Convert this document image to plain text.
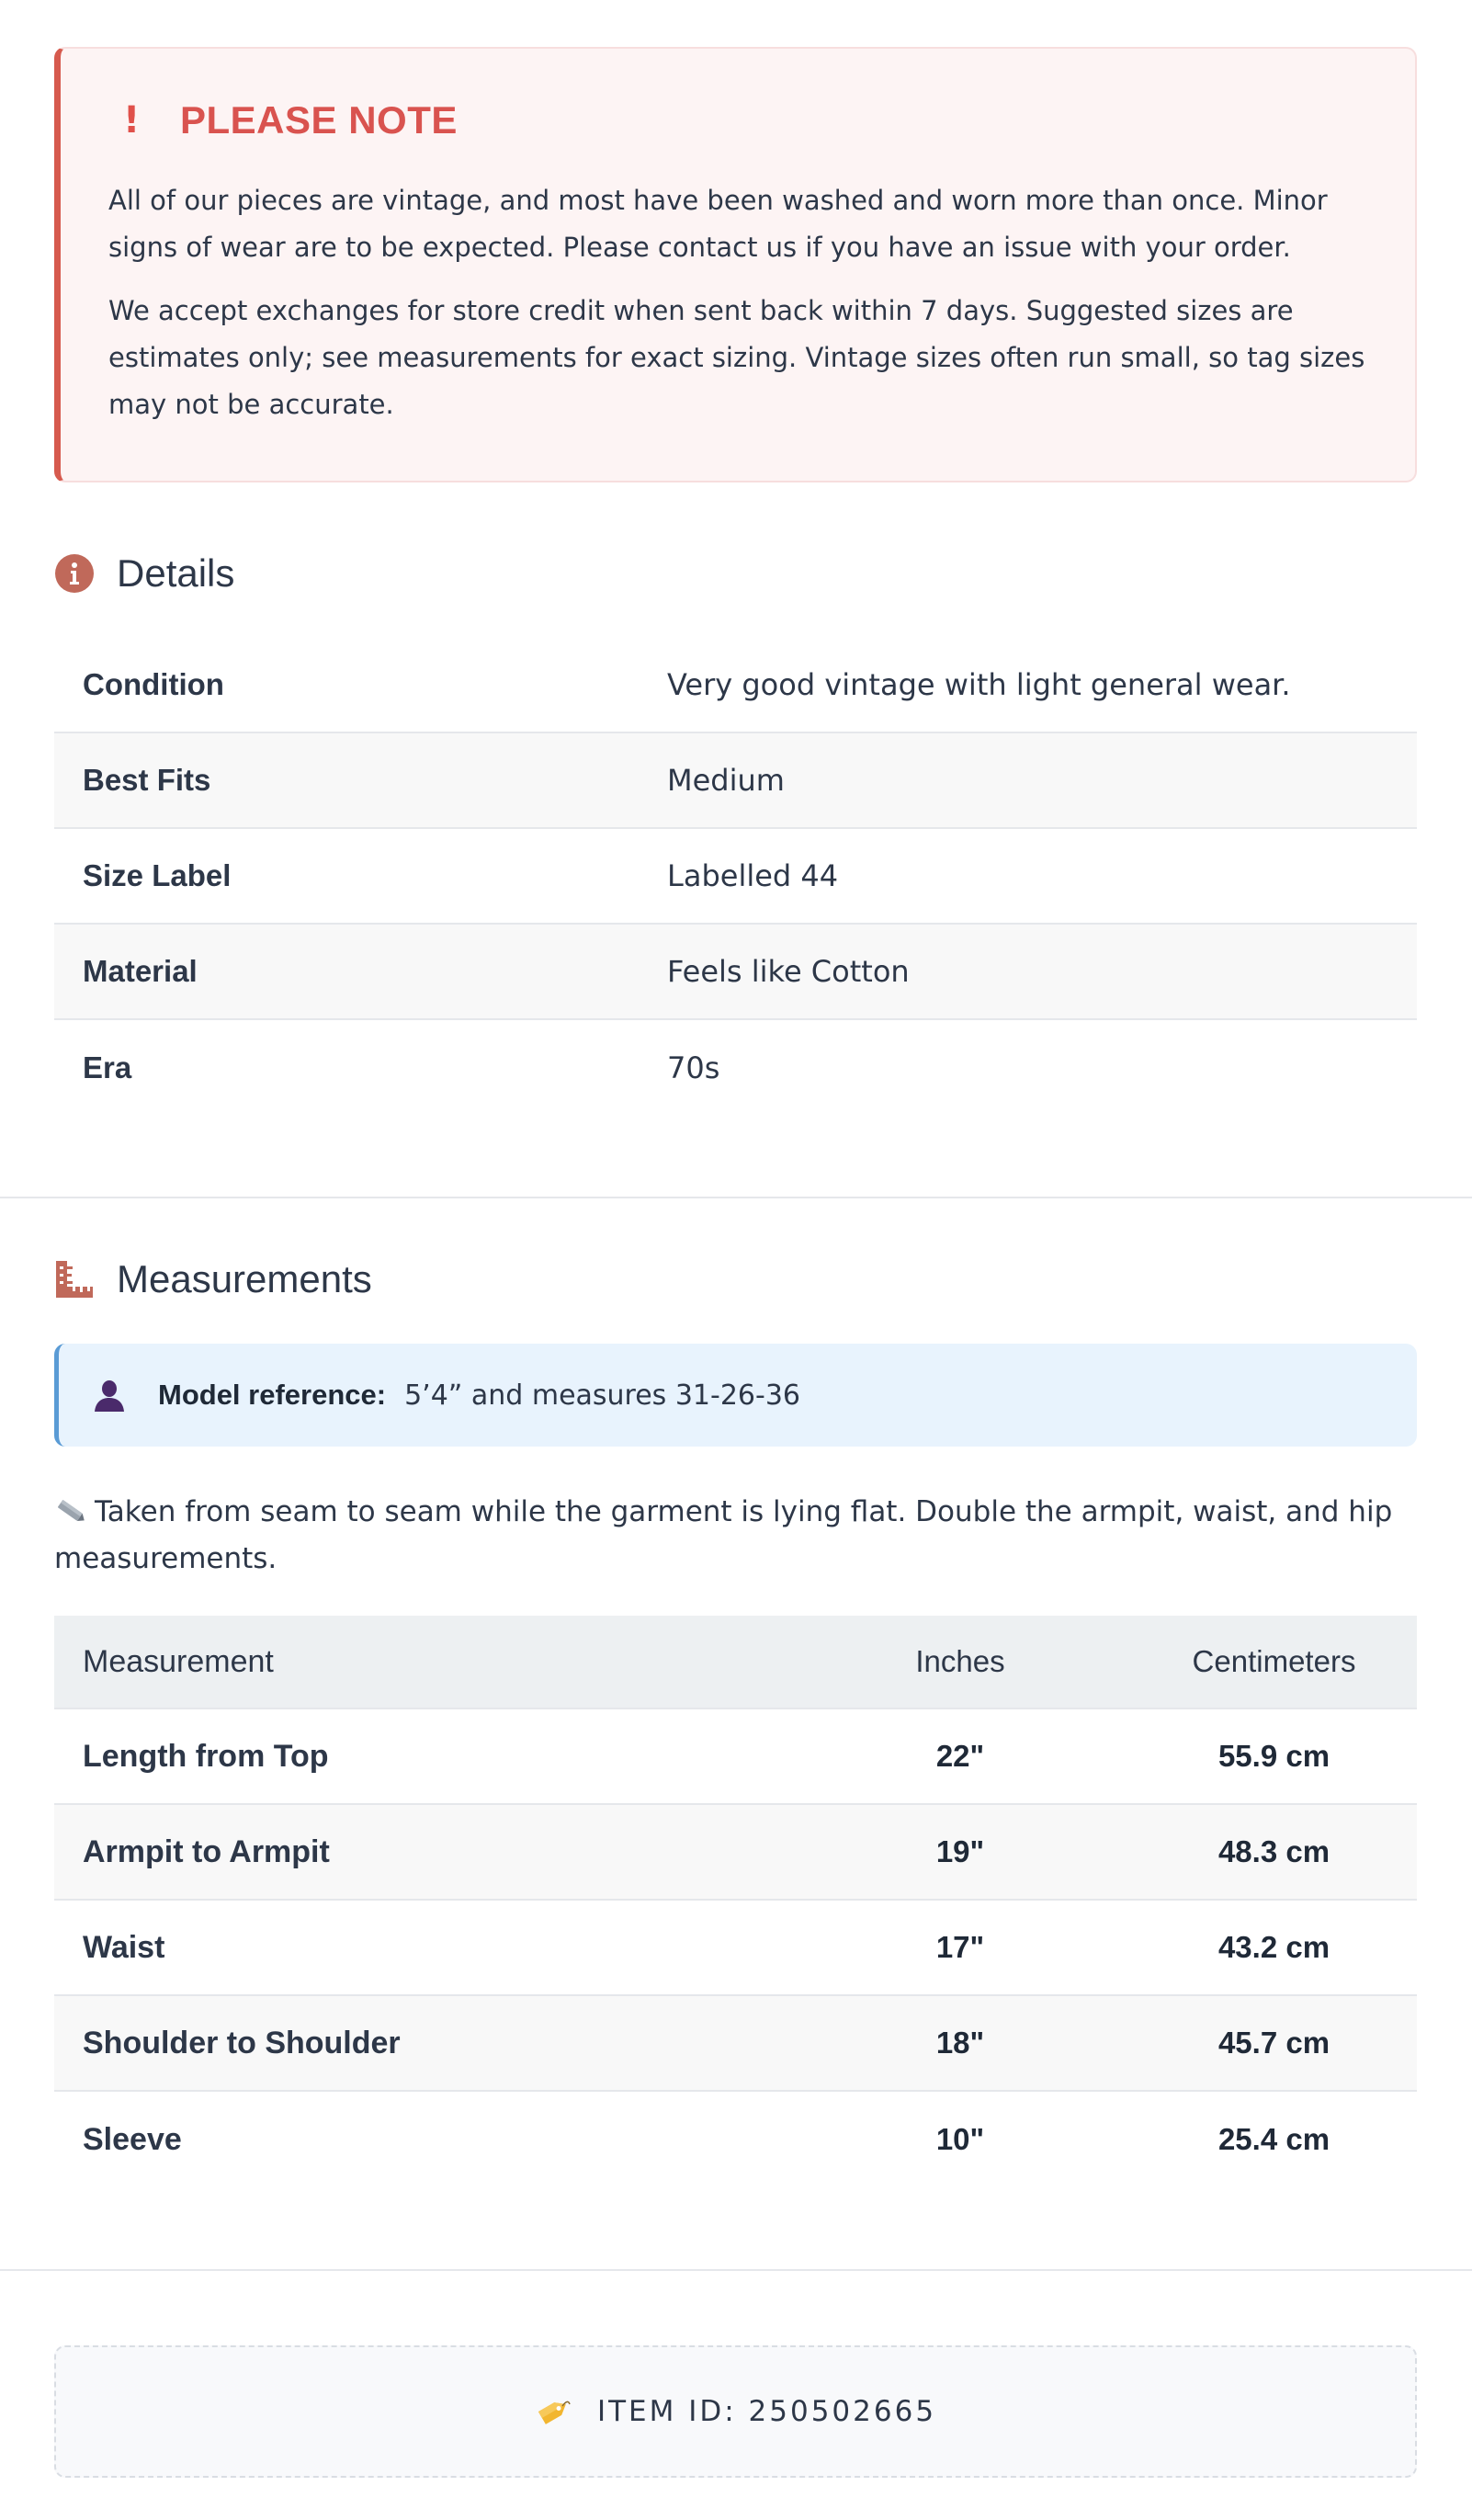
! PLEASE NOTE

All of our pieces are vintage, and most have been washed and worn more than once. Minor signs of wear are to be expected. Please contact us if you have an issue with your order.

We accept exchanges for store credit when sent back within 7 days. Suggested sizes are estimates only; see measurements for exact sizing. Vintage sizes often run small, so tag sizes may not be accurate.

Details
Condition	Very good vintage with light general wear.
Best Fits	Medium
Size Label	Labelled 44
Material	Feels like Cotton
Era	70s
Measurements
Model reference: 5’4” and measures 31-26-36
Taken from seam to seam while the garment is lying flat. Double the armpit, waist, and hip measurements.
Measurement	Inches	Centimeters
Length from Top	22"	55.9 cm
Armpit to Armpit	19"	48.3 cm
Waist	17"	43.2 cm
Shoulder to Shoulder	18"	45.7 cm
Sleeve	10"	25.4 cm
ITEM ID: 250502665
